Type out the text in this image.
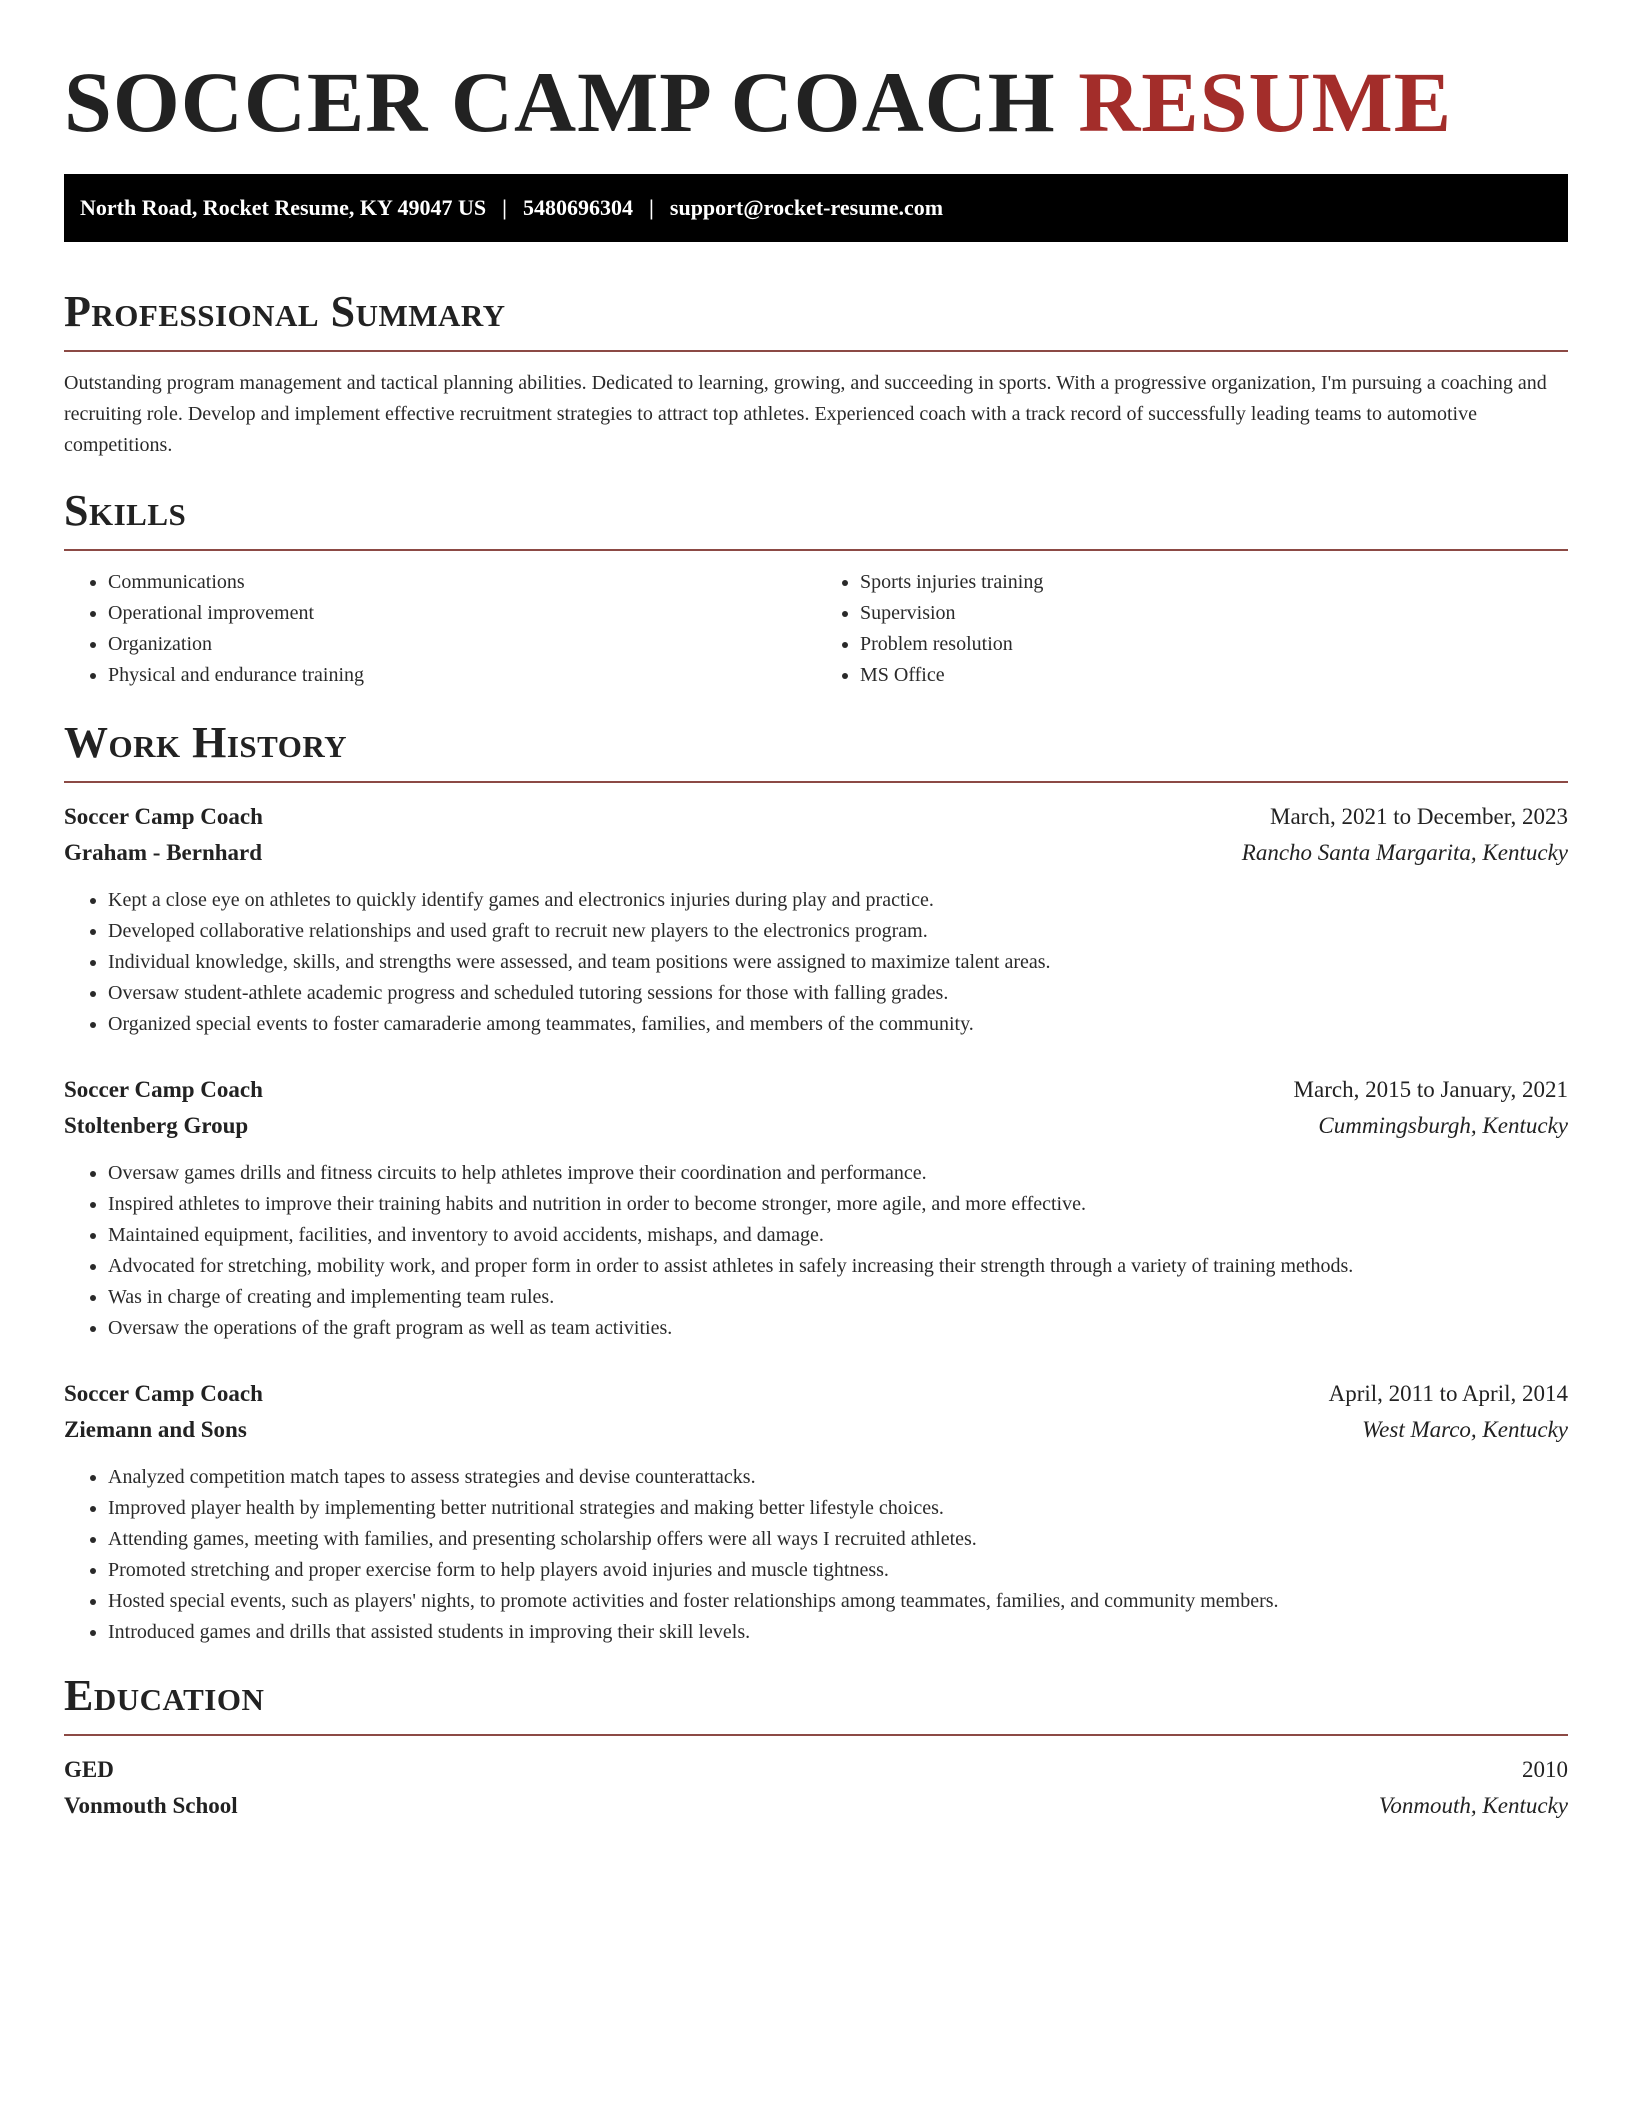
SOCCER CAMP COACH RESUME
North Road, Rocket Resume, KY 49047 US | 5480696304 | support@rocket-resume.com
Professional Summary

Outstanding program management and tactical planning abilities. Dedicated to learning, growing, and succeeding in sports. With a progressive organization, I'm pursuing a coaching and recruiting role. Develop and implement effective recruitment strategies to attract top athletes. Experienced coach with a track record of successfully leading teams to automotive competitions.

Skills
• Communications
• Operational improvement
• Organization
• Physical and endurance training
• Sports injuries training
• Supervision
• Problem resolution
• MS Office
Work History
Soccer Camp Coach	March, 2021 to December, 2023
Graham - Bernhard	Rancho Santa Margarita, Kentucky
• Kept a close eye on athletes to quickly identify games and electronics injuries during play and practice.
• Developed collaborative relationships and used graft to recruit new players to the electronics program.
• Individual knowledge, skills, and strengths were assessed, and team positions were assigned to maximize talent areas.
• Oversaw student-athlete academic progress and scheduled tutoring sessions for those with falling grades.
• Organized special events to foster camaraderie among teammates, families, and members of the community.
Soccer Camp Coach	March, 2015 to January, 2021
Stoltenberg Group	Cummingsburgh, Kentucky
• Oversaw games drills and fitness circuits to help athletes improve their coordination and performance.
• Inspired athletes to improve their training habits and nutrition in order to become stronger, more agile, and more effective.
• Maintained equipment, facilities, and inventory to avoid accidents, mishaps, and damage.
• Advocated for stretching, mobility work, and proper form in order to assist athletes in safely increasing their strength through a variety of training methods.
• Was in charge of creating and implementing team rules.
• Oversaw the operations of the graft program as well as team activities.
Soccer Camp Coach	April, 2011 to April, 2014
Ziemann and Sons	West Marco, Kentucky
• Analyzed competition match tapes to assess strategies and devise counterattacks.
• Improved player health by implementing better nutritional strategies and making better lifestyle choices.
• Attending games, meeting with families, and presenting scholarship offers were all ways I recruited athletes.
• Promoted stretching and proper exercise form to help players avoid injuries and muscle tightness.
• Hosted special events, such as players' nights, to promote activities and foster relationships among teammates, families, and community members.
• Introduced games and drills that assisted students in improving their skill levels.
Education
GED	2010
Vonmouth School	Vonmouth, Kentucky
